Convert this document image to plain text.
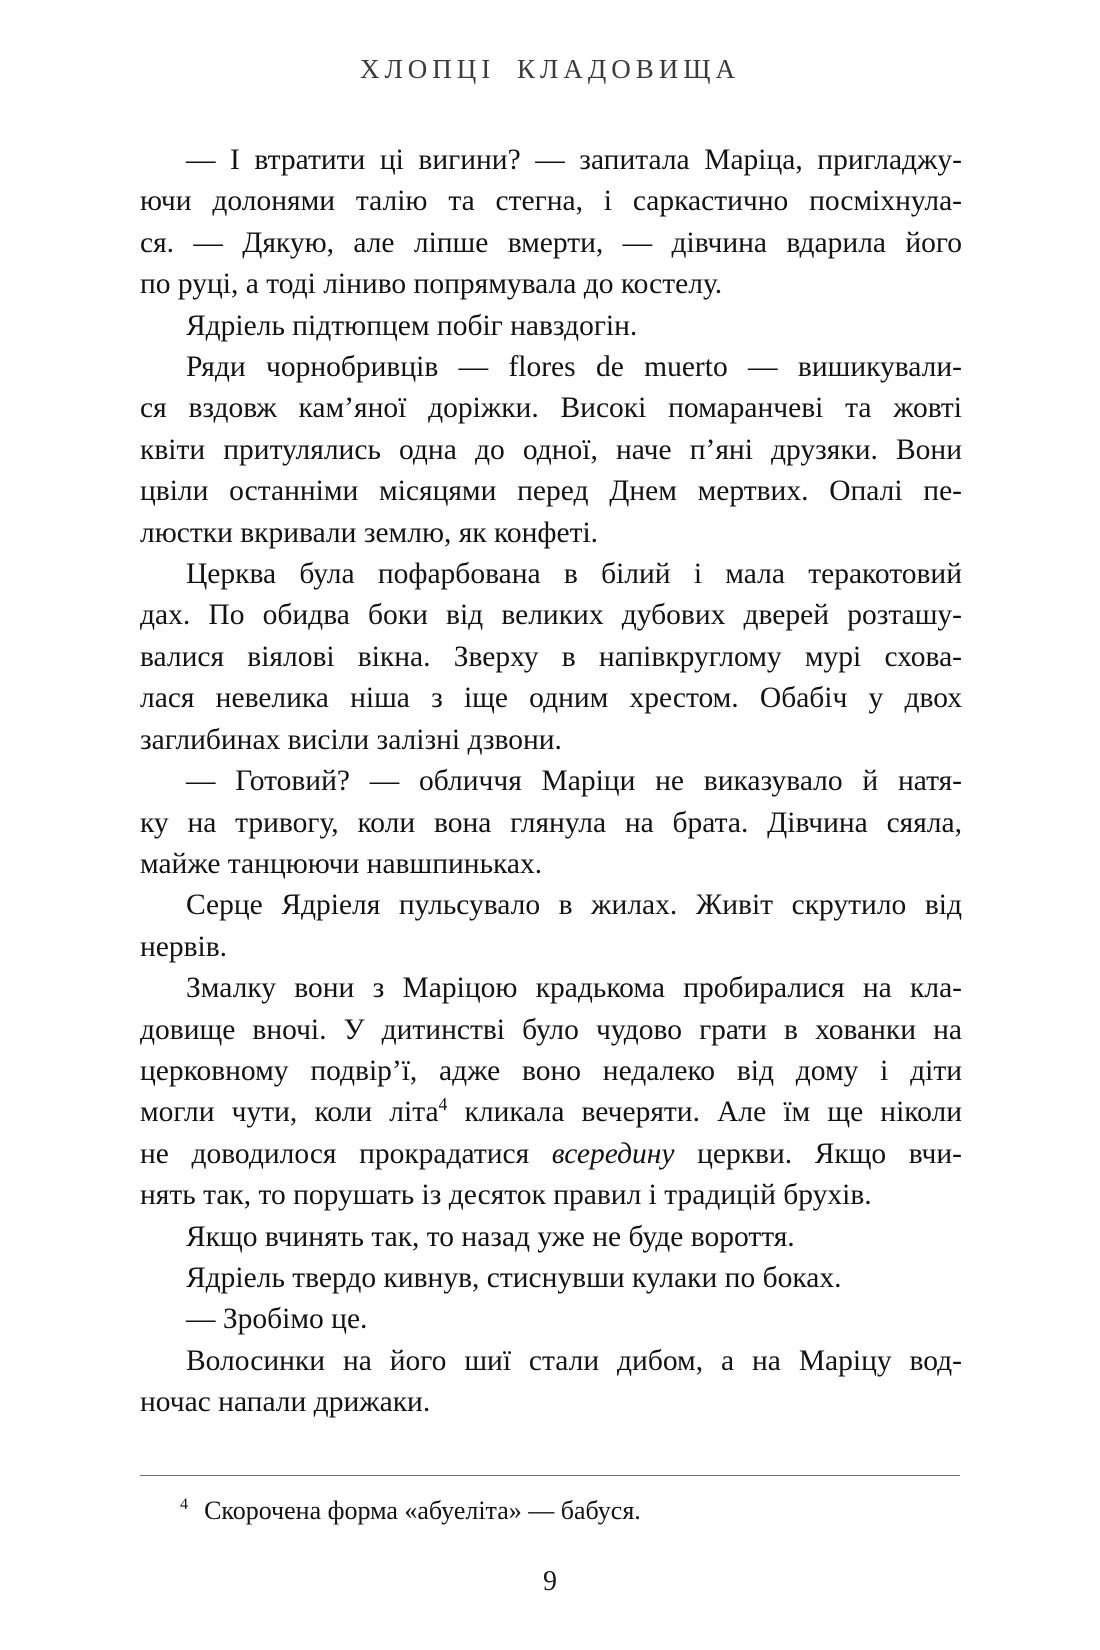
ХЛОПЦІ КЛАДОВИЩА
— І втратити ці вигини? — запитала Маріца, пригладжу-
ючи долонями талію та стегна, і саркастично посміхнула-
ся. — Дякую, але ліпше вмерти, — дівчина вдарила його
по руці, а тоді ліниво попрямувала до костелу.
Ядріель підтюпцем побіг навздогін.
Ряди чорнобривців — flores de muerto — вишикували-
ся вздовж кам’яної доріжки. Високі помаранчеві та жовті
квіти притулялись одна до одної, наче п’яні друзяки. Вони
цвіли останніми місяцями перед Днем мертвих. Опалі пе-
люстки вкривали землю, як конфеті.
Церква була пофарбована в білий і мала теракотовий
дах. По обидва боки від великих дубових дверей розташу-
валися віялові вікна. Зверху в напівкруглому мурі схова-
лася невелика ніша з іще одним хрестом. Обабіч у двох
заглибинах висіли залізні дзвони.
— Готовий? — обличчя Маріци не виказувало й натя-
ку на тривогу, коли вона глянула на брата. Дівчина сяяла,
майже танцюючи навшпиньках.
Серце Ядріеля пульсувало в жилах. Живіт скрутило від
нервів.
Змалку вони з Маріцою крадькома пробиралися на кла-
довище вночі. У дитинстві було чудово грати в хованки на
церковному подвір’ї, адже воно недалеко від дому і діти
могли чути, коли літа$^4$ кликала вечеряти. Але їм ще ніколи
не доводилося прокрадатися всередину церкви. Якщо вчи-
нять так, то порушать із десяток правил і традицій брухів.
Якщо вчинять так, то назад уже не буде вороття.
Ядріель твердо кивнув, стиснувши кулаки по боках.
— Зробімо це.
Волосинки на його шиї стали дибом, а на Маріцу вод-
ночас напали дрижаки.
$^4$ Скорочена форма «абуеліта» — бабуся.
9
